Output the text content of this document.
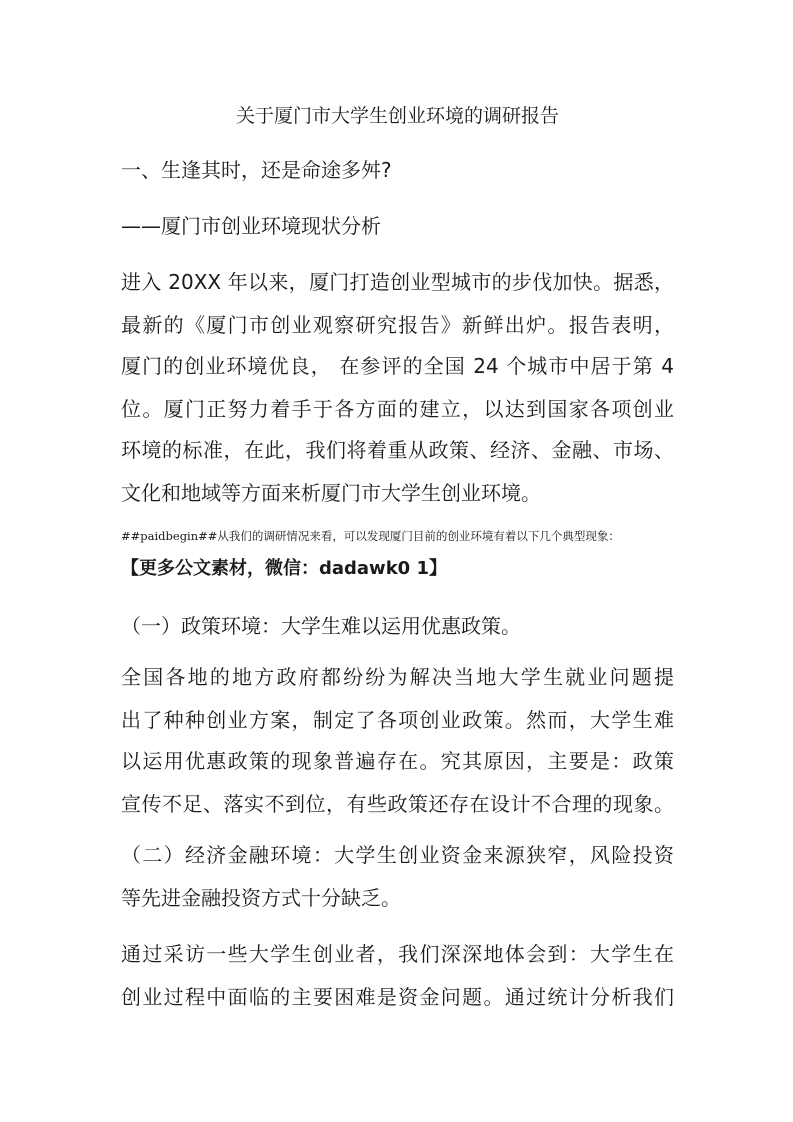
关于厦门市大学生创业环境的调研报告
一、生逢其时，还是命途多舛?
——厦门市创业环境现状分析
进入 20XX 年以来，厦门打造创业型城市的步伐加快。据悉，
最新的《厦门市创业观察研究报告》新鲜出炉。报告表明，
厦门的创业环境优良， 在参评的全国 24 个城市中居于第 4
位。厦门正努力着手于各方面的建立，以达到国家各项创业
环境的标准，在此，我们将着重从政策、经济、金融、市场、
文化和地域等方面来析厦门市大学生创业环境。
##paidbegin##从我们的调研情况来看，可以发现厦门目前的创业环境有着以下几个典型现象：
【更多公文素材，微信：dadawk0 1】
（一）政策环境：大学生难以运用优惠政策。
全国各地的地方政府都纷纷为解决当地大学生就业问题提
出了种种创业方案，制定了各项创业政策。然而，大学生难
以运用优惠政策的现象普遍存在。究其原因，主要是：政策
宣传不足、落实不到位，有些政策还存在设计不合理的现象。
（二）经济金融环境：大学生创业资金来源狭窄，风险投资
等先进金融投资方式十分缺乏。
通过采访一些大学生创业者，我们深深地体会到：大学生在
创业过程中面临的主要困难是资金问题。通过统计分析我们
